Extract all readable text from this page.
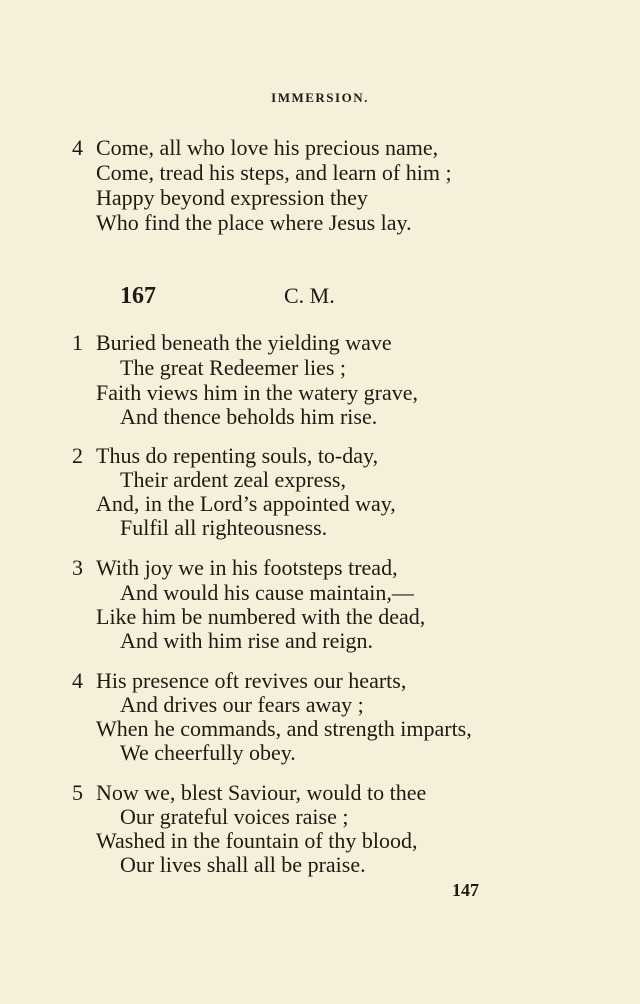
IMMERSION.
4 Come, all who love his precious name,
Come, tread his steps, and learn of him ;
Happy beyond expression they
Who find the place where Jesus lay.
167	C. M.
1 Buried beneath the yielding wave
The great Redeemer lies ;
Faith views him in the watery grave,
And thence beholds him rise.
2 Thus do repenting souls, to-day,
Their ardent zeal express,
And, in the Lord’s appointed way,
Fulfil all righteousness.
3 With joy we in his footsteps tread,
And would his cause maintain,—
Like him be numbered with the dead,
And with him rise and reign.
4 His presence oft revives our hearts,
And drives our fears away ;
When he commands, and strength imparts,
We cheerfully obey.
5 Now we, blest Saviour, would to thee
Our grateful voices raise ;
Washed in the fountain of thy blood,
Our lives shall all be praise.
147
